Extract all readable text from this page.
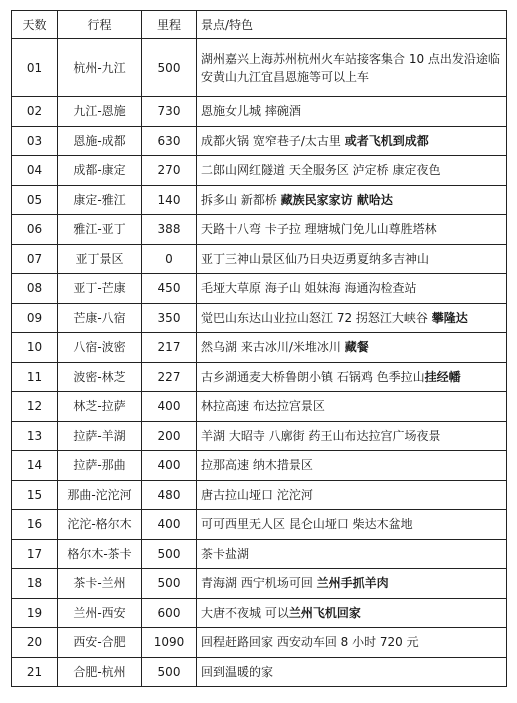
天数	行程	里程	景点/特色
01	杭州-九江	500	湖州嘉兴上海苏州杭州火车站接客集合 10 点出发沿途临安黄山九江宜昌恩施等可以上车
02	九江-恩施	730	恩施女儿城 摔碗酒
03	恩施-成都	630	成都火锅 宽窄巷子/太古里 或者飞机到成都
04	成都-康定	270	二郎山网红隧道 天全服务区 泸定桥 康定夜色
05	康定-雅江	140	拆多山 新都桥 藏族民家家访 献哈达
06	雅江-亚丁	388	天路十八弯 卡子拉 理塘城门免儿山尊胜塔林
07	亚丁景区	0	亚丁三神山景区仙乃日央迈勇夏纳多吉神山
08	亚丁-芒康	450	毛垭大草原 海子山 姐妹海 海通沟检查站
09	芒康-八宿	350	觉巴山东达山业拉山怒江 72 拐怒江大峡谷 攀隆达
10	八宿-波密	217	然乌湖 来古冰川/米堆冰川 藏餐
11	波密-林芝	227	古乡湖通麦大桥鲁朗小镇 石锅鸡 色季拉山挂经幡
12	林芝-拉萨	400	林拉高速 布达拉宫景区
13	拉萨-羊湖	200	羊湖 大昭寺 八廓街 药王山布达拉宫广场夜景
14	拉萨-那曲	400	拉那高速 纳木措景区
15	那曲-沱沱河	480	唐古拉山垭口 沱沱河
16	沱沱-格尔木	400	可可西里无人区 昆仑山垭口 柴达木盆地
17	格尔木-茶卡	500	茶卡盐湖
18	茶卡-兰州	500	青海湖 西宁机场可回 兰州手抓羊肉
19	兰州-西安	600	大唐不夜城 可以兰州飞机回家
20	西安-合肥	1090	回程赶路回家 西安动车回 8 小时 720 元
21	合肥-杭州	500	回到温暖的家
